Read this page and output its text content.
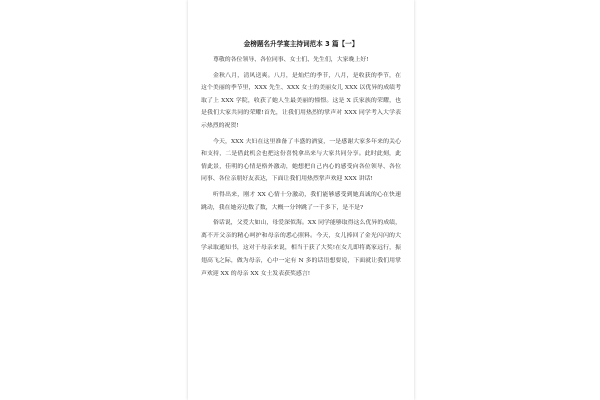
金榜题名升学宴主持词范本 3 篇【一】

尊敬的各位领导、各位同事、女士们、先生们，大家晚上好!

金秋八月，清风送爽。八月，是灿烂的季节，八月，是收获的季节，在这个美丽的季节里，XXX 先生、XXX 女士的美丽女儿 XXX 以优异的成绩考取了上 XXX 学院，收获了她人生最美丽的憧憬。这是 X 氏家族的荣耀，也是我们大家共同的荣耀!首先，让我们用热烈的掌声对 XXX 同学考入大学表示热烈的祝贺!

今天，XXX 夫妇在这里准备了丰盛的酒宴，一是感谢大家多年来的关心和支持，二是借此机会也把这份喜悦拿出来与大家共同分享。此时此刻，此情此景，佳明的心情是格外激动，她想把自己内心的感受向各位领导、各位同事、各位亲朋好友表达，下面让我们用热烈掌声欢迎 XXX 讲话!

听得出来，刚才 XX 心情十分激动，我们能够感受到她真诚的心在快速跳动，我在她旁边数了数，大概一分钟跳了一千多下，是不是?

俗话说，父爱大如山，母爱深似海。XX 同学能够取得这么优异的成绩，离不开父亲的精心呵护和母亲的悉心照料。今天，女儿捧回了金光闪闪的大学录取通知书，这对于母亲来说，相当于获了大奖!在女儿即将离家远行，振翅高飞之际，做为母亲，心中一定有 N 多的话语想要说，下面就让我们用掌声欢迎 XX 的母亲 XX 女士发表获奖感言!
